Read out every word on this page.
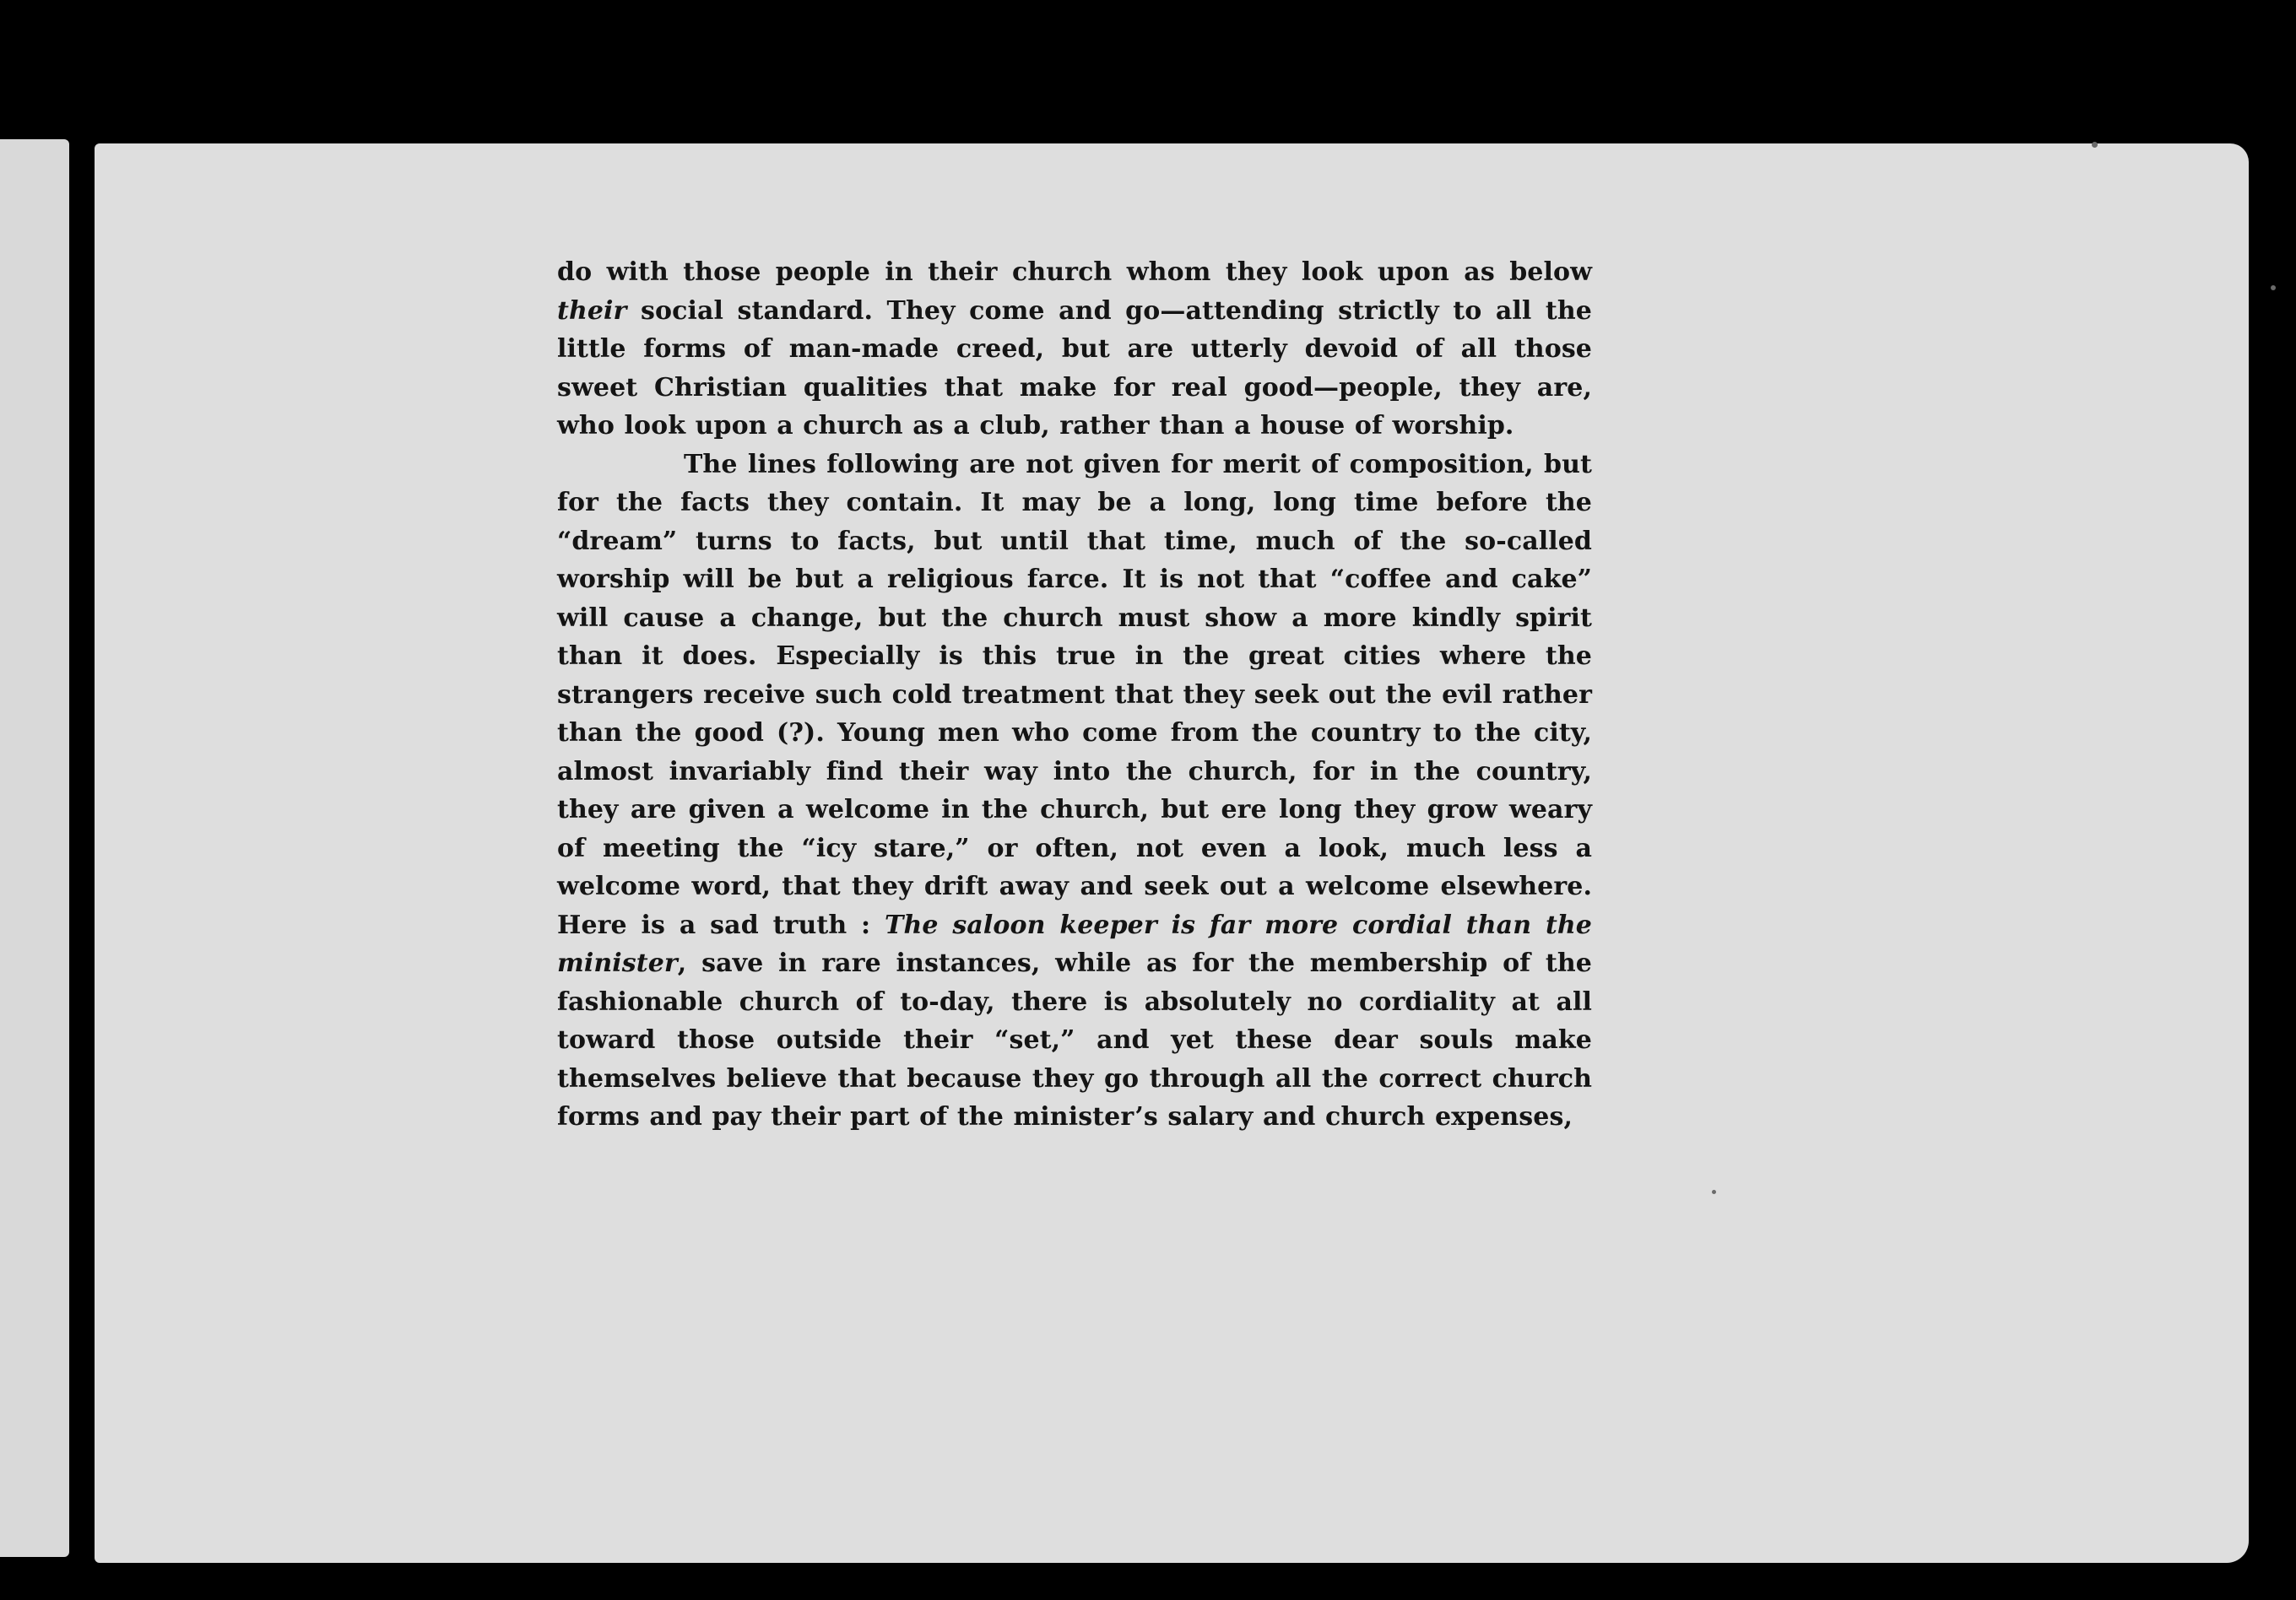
do with those people in their church whom they look upon as below their social standard. They come and go—attending strictly to all the little forms of man-made creed, but are utterly devoid of all those sweet Christian qualities that make for real good—people, they are, who look upon a church as a club, rather than a house of worship.

The lines following are not given for merit of composition, but for the facts they contain. It may be a long, long time before the “dream” turns to facts, but until that time, much of the so-called worship will be but a religious farce. It is not that “coffee and cake” will cause a change, but the church must show a more kindly spirit than it does. Especially is this true in the great cities where the strangers receive such cold treatment that they seek out the evil rather than the good (?). Young men who come from the country to the city, almost invariably find their way into the church, for in the country, they are given a welcome in the church, but ere long they grow weary of meeting the “icy stare,” or often, not even a look, much less a welcome word, that they drift away and seek out a welcome elsewhere. Here is a sad truth : The saloon keeper is far more cordial than the minister, save in rare instances, while as for the membership of the fashionable church of to-day, there is absolutely no cordiality at all toward those outside their “set,” and yet these dear souls make themselves believe that because they go through all the correct church forms and pay their part of the minister’s salary and church expenses,
